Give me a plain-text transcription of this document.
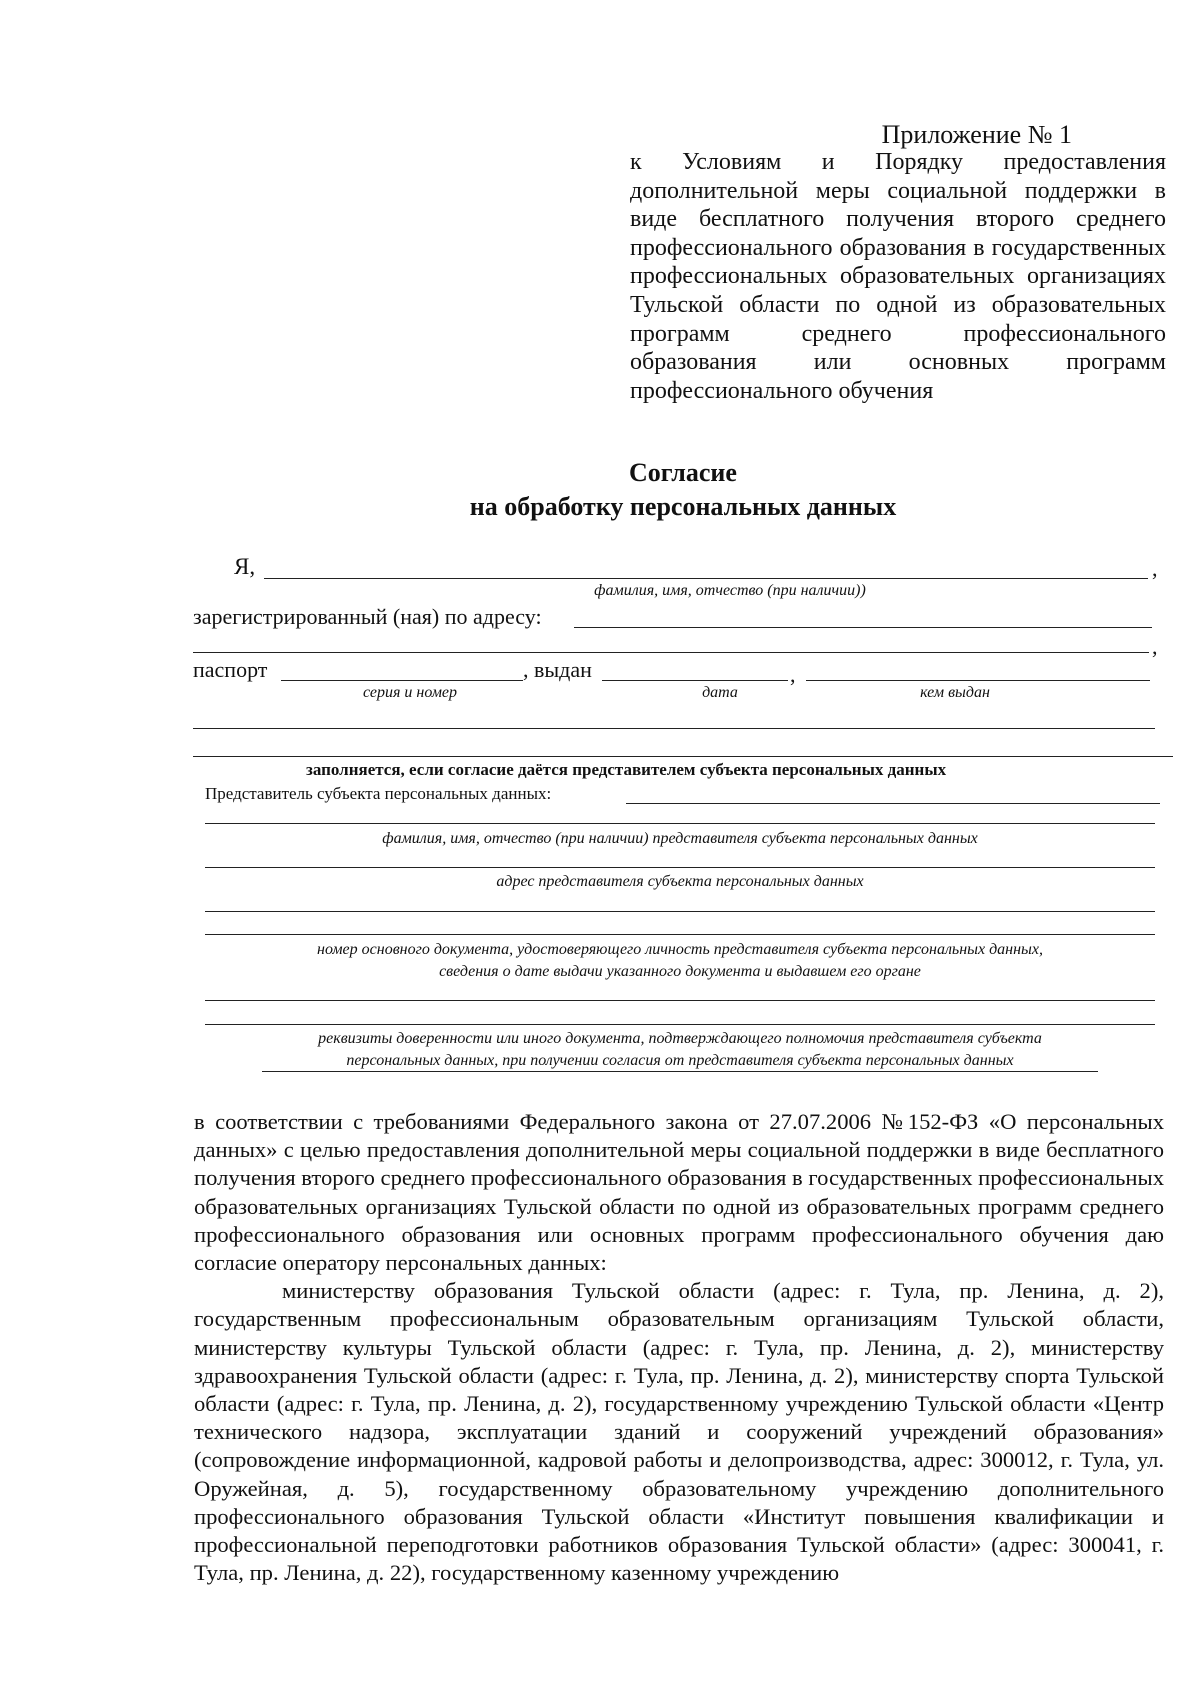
Приложение № 1
к Условиям и Порядку предоставления дополнительной меры социальной поддержки в виде бесплатного получения второго среднего профессионального образования в государственных профессиональных образовательных организациях Тульской области по одной из образовательных программ среднего профессионального образования или основных программ профессионального обучения
Согласие
на обработку персональных данных
Я,	,
фамилия, имя, отчество (при наличии))
зарегистрированный (ная) по адресу:
,
паспорт	, выдан	,
серия и номер	дата	кем выдан
заполняется, если согласие даётся представителем субъекта персональных данных
Представитель субъекта персональных данных:
фамилия, имя, отчество (при наличии) представителя субъекта персональных данных
адрес представителя субъекта персональных данных
номер основного документа, удостоверяющего личность представителя субъекта персональных данных,
сведения о дате выдачи указанного документа и выдавшем его органе
реквизиты доверенности или иного документа, подтверждающего полномочия представителя субъекта
персональных данных, при получении согласия от представителя субъекта персональных данных

в соответствии с требованиями Федерального закона от 27.07.2006 №152-ФЗ «О персональных данных» с целью предоставления дополнительной меры социальной поддержки в виде бесплатного получения второго среднего профессионального образования в государственных профессиональных образовательных организациях Тульской области по одной из образовательных программ среднего профессионального образования или основных программ профессионального обучения даю согласие оператору персональных данных:

министерству образования Тульской области (адрес: г. Тула, пр. Ленина, д. 2), государственным профессиональным образовательным организациям Тульской области, министерству культуры Тульской области (адрес: г. Тула, пр. Ленина, д. 2), министерству здравоохранения Тульской области (адрес: г. Тула, пр. Ленина, д. 2), министерству спорта Тульской области (адрес: г. Тула, пр. Ленина, д. 2), государственному учреждению Тульской области «Центр технического надзора, эксплуатации зданий и сооружений учреждений образования» (сопровождение информационной, кадровой работы и делопроизводства, адрес: 300012, г. Тула, ул. Оружейная, д. 5), государственному образовательному учреждению дополнительного профессионального образования Тульской области «Институт повышения квалификации и профессиональной переподготовки работников образования Тульской области» (адрес: 300041, г. Тула, пр. Ленина, д. 22), государственному казенному учреждению
